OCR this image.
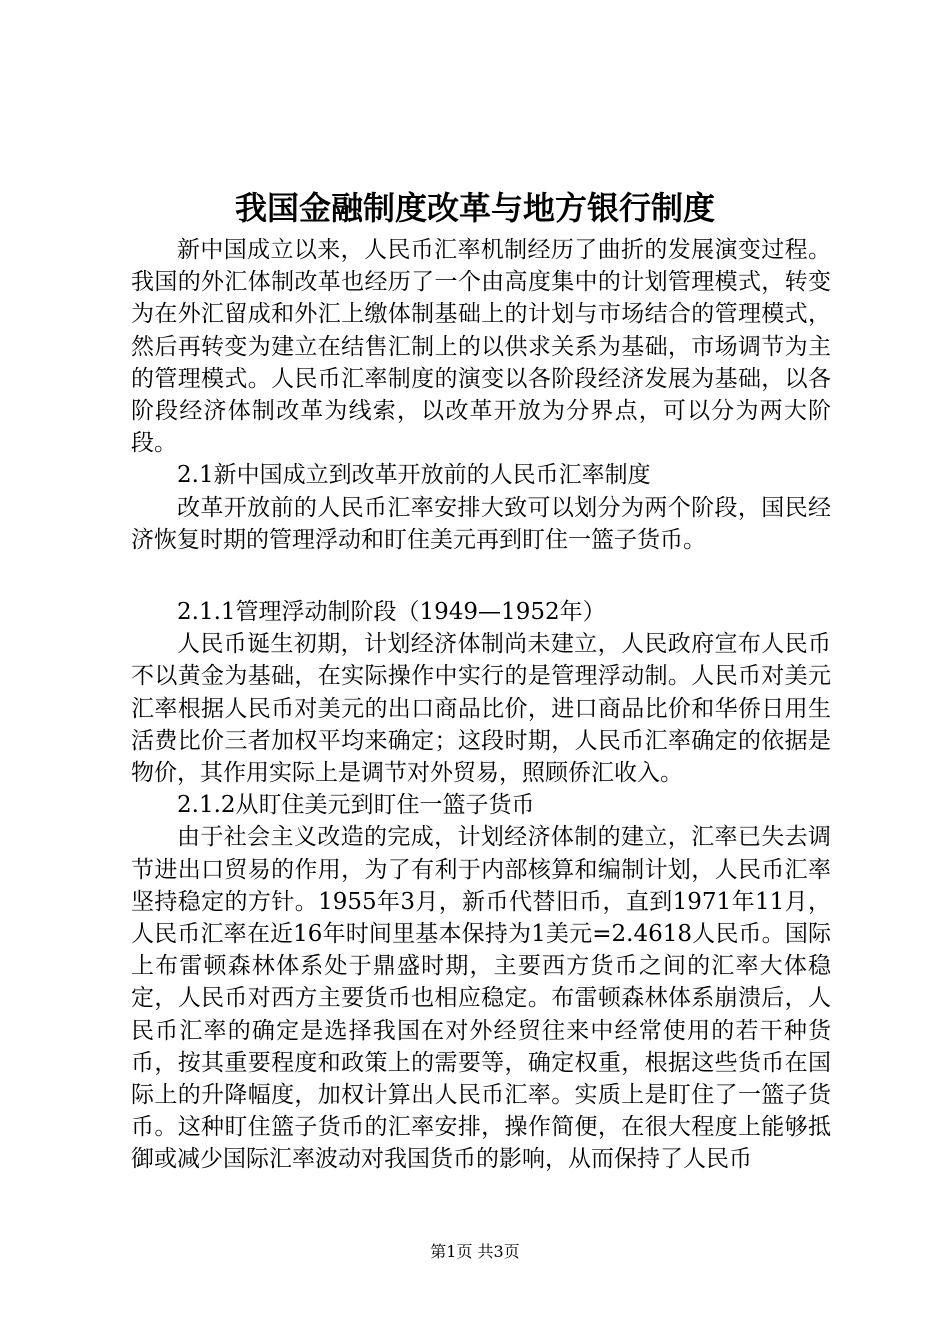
我国金融制度改革与地方银行制度

新中国成立以来，人民币汇率机制经历了曲折的发展演变过程。我国的外汇体制改革也经历了一个由高度集中的计划管理模式，转变为在外汇留成和外汇上缴体制基础上的计划与市场结合的管理模式，然后再转变为建立在结售汇制上的以供求关系为基础，市场调节为主的管理模式。人民币汇率制度的演变以各阶段经济发展为基础，以各阶段经济体制改革为线索，以改革开放为分界点，可以分为两大阶段。

2.1新中国成立到改革开放前的人民币汇率制度

改革开放前的人民币汇率安排大致可以划分为两个阶段，国民经济恢复时期的管理浮动和盯住美元再到盯住一篮子货币。

2.1.1管理浮动制阶段（1949—1952年）

人民币诞生初期，计划经济体制尚未建立，人民政府宣布人民币不以黄金为基础，在实际操作中实行的是管理浮动制。人民币对美元汇率根据人民币对美元的出口商品比价，进口商品比价和华侨日用生活费比价三者加权平均来确定；这段时期，人民币汇率确定的依据是物价，其作用实际上是调节对外贸易，照顾侨汇收入。

2.1.2从盯住美元到盯住一篮子货币

由于社会主义改造的完成，计划经济体制的建立，汇率已失去调节进出口贸易的作用，为了有利于内部核算和编制计划，人民币汇率坚持稳定的方针。1955年3月，新币代替旧币，直到1971年11月，人民币汇率在近16年时间里基本保持为1美元=2.4618人民币。国际上布雷顿森林体系处于鼎盛时期，主要西方货币之间的汇率大体稳定，人民币对西方主要货币也相应稳定。布雷顿森林体系崩溃后，人民币汇率的确定是选择我国在对外经贸往来中经常使用的若干种货币，按其重要程度和政策上的需要等，确定权重，根据这些货币在国际上的升降幅度，加权计算出人民币汇率。实质上是盯住了一篮子货币。这种盯住篮子货币的汇率安排，操作简便，在很大程度上能够抵御或减少国际汇率波动对我国货币的影响，从而保持了人民币

第1页 共3页
